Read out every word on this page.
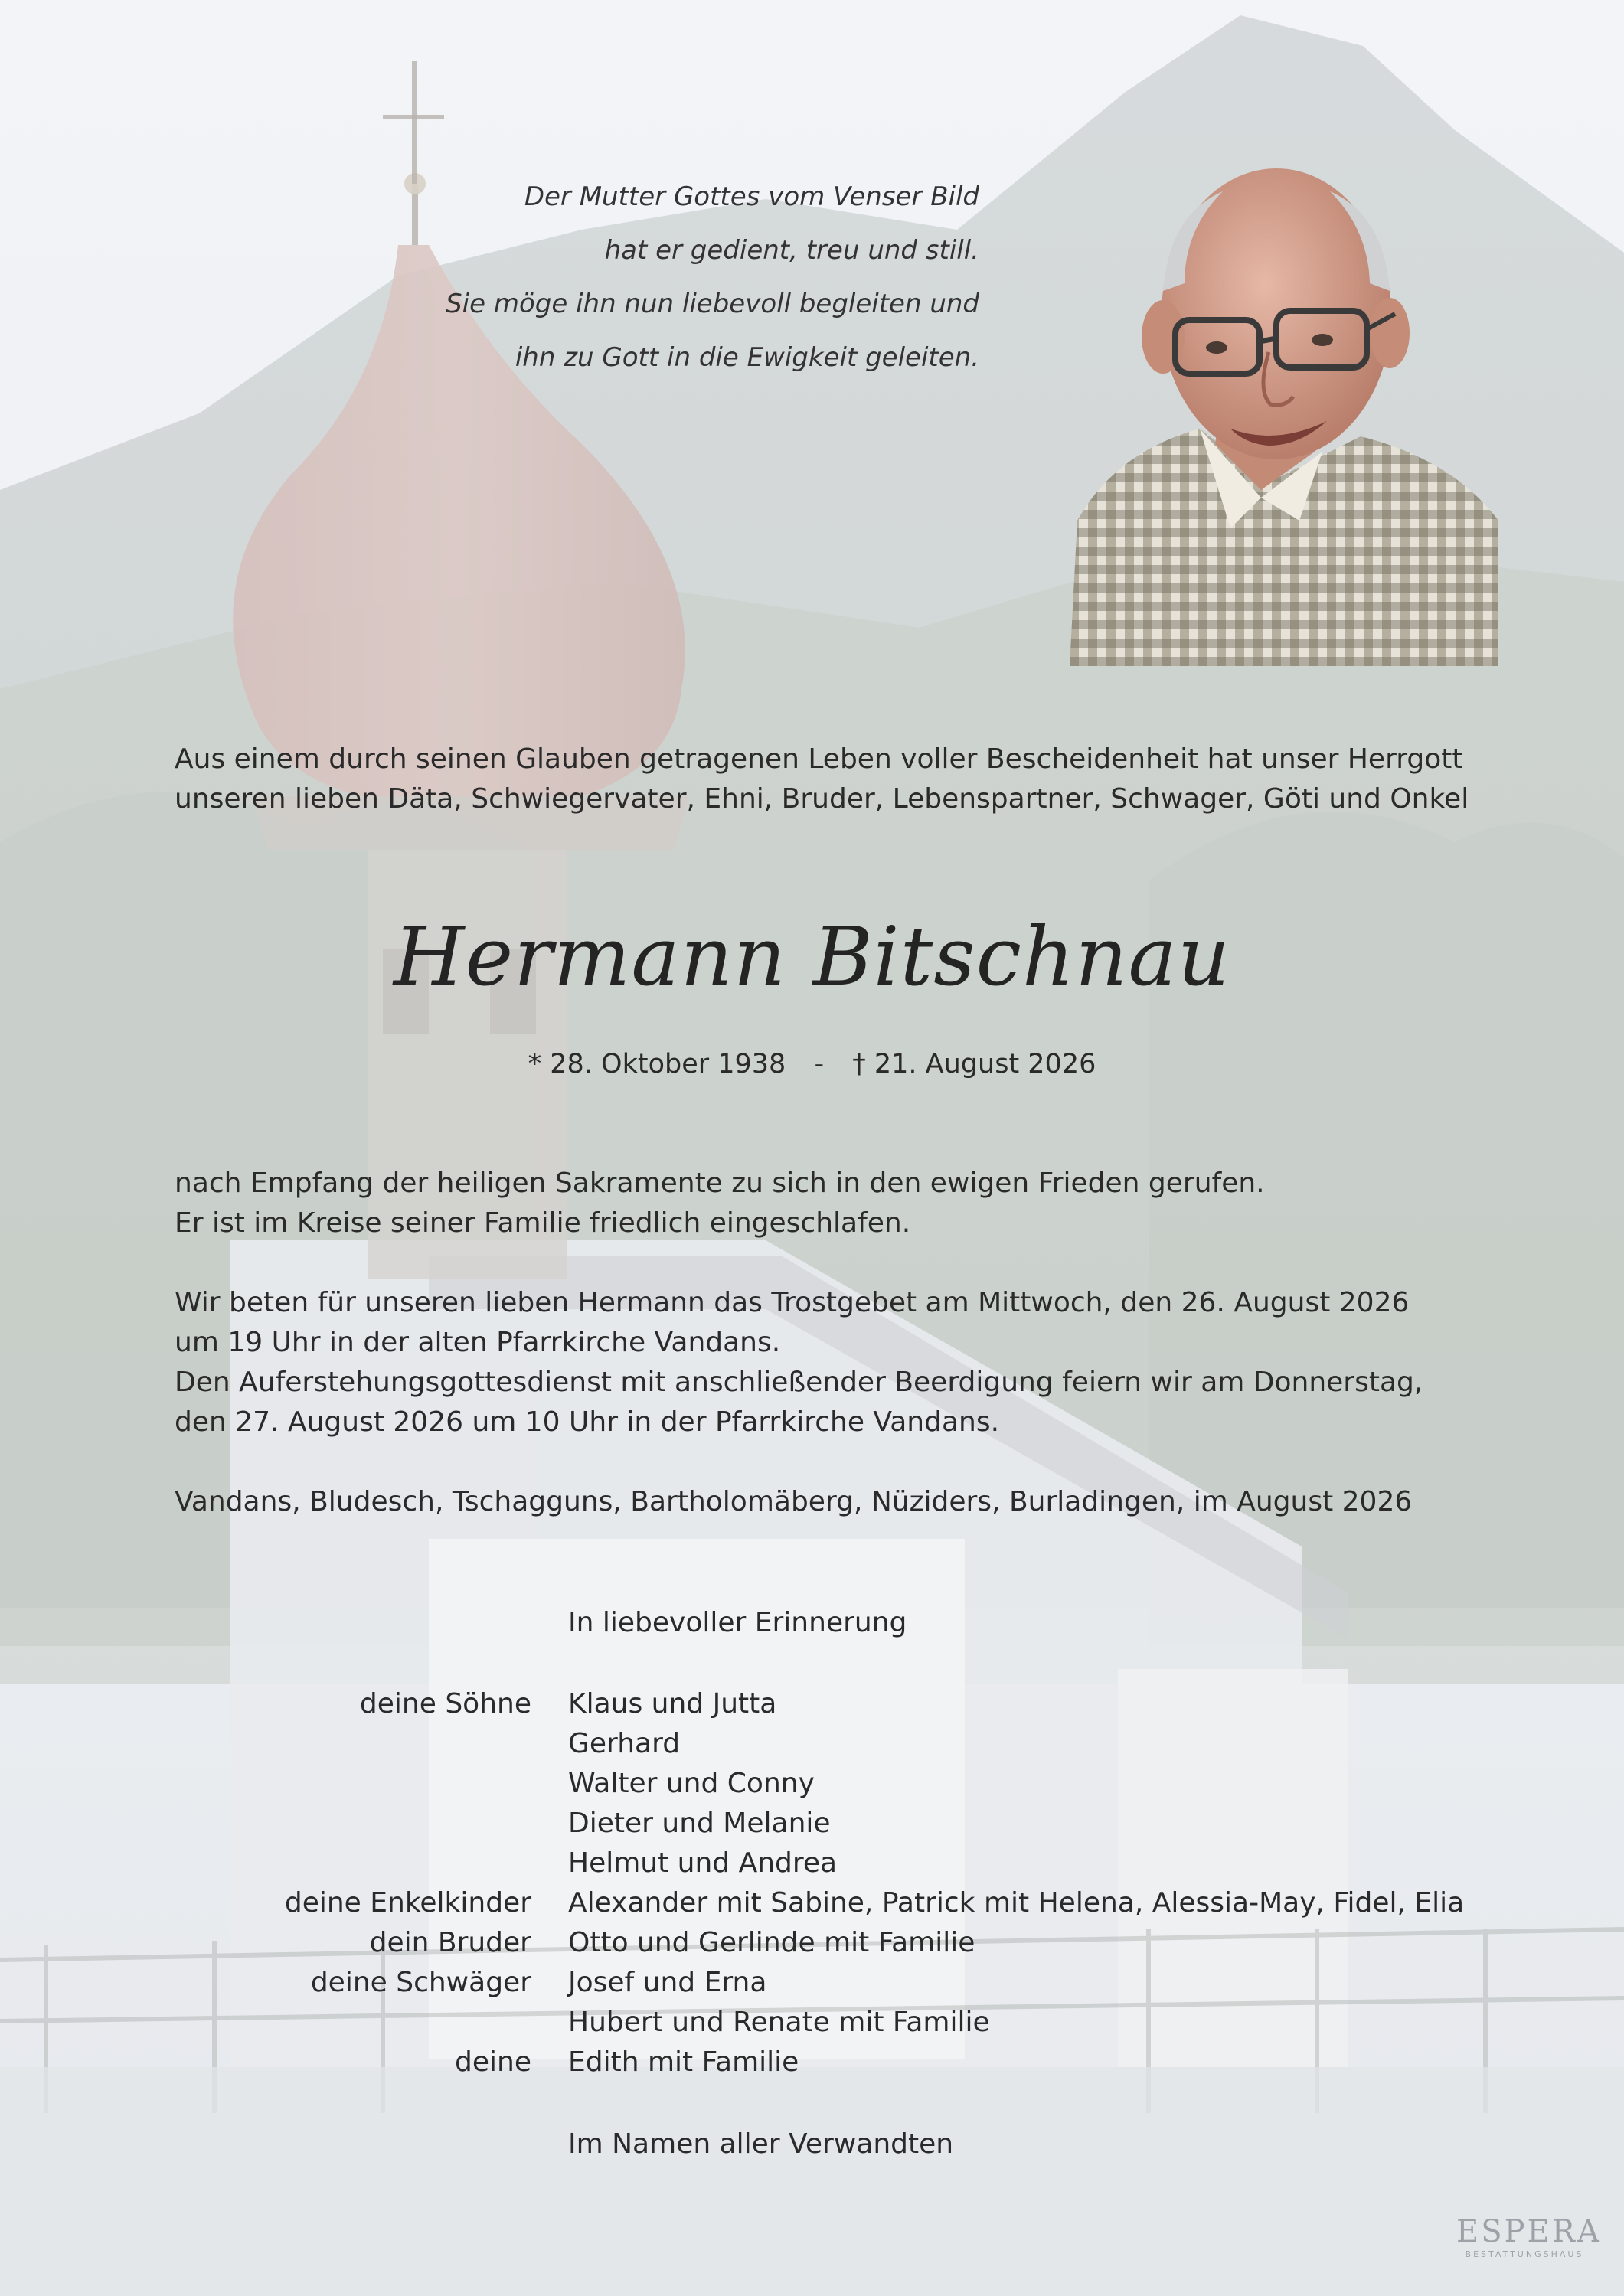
Der Mutter Gottes vom Venser Bild

hat er gedient, treu und still.

Sie möge ihn nun liebevoll begleiten und

ihn zu Gott in die Ewigkeit geleiten.

Aus einem durch seinen Glauben getragenen Leben voller Bescheidenheit hat unser Herrgott

unseren lieben Däta, Schwiegervater, Ehni, Bruder, Lebenspartner, Schwager, Göti und Onkel

Hermann Bitschnau
* 28. Oktober 1938 - † 21. August 2026

nach Empfang der heiligen Sakramente zu sich in den ewigen Frieden gerufen.

Er ist im Kreise seiner Familie friedlich eingeschlafen.

Wir beten für unseren lieben Hermann das Trostgebet am Mittwoch, den 26. August 2026

um 19 Uhr in der alten Pfarrkirche Vandans.

Den Auferstehungsgottesdienst mit anschließender Beerdigung feiern wir am Donnerstag,

den 27. August 2026 um 10 Uhr in der Pfarrkirche Vandans.

Vandans, Bludesch, Tschagguns, Bartholomäberg, Nüziders, Burladingen, im August 2026

In liebevoller Erinnerung
deine Söhne Klaus und Jutta
Gerhard
Walter und Conny
Dieter und Melanie
Helmut und Andrea
deine Enkelkinder Alexander mit Sabine, Patrick mit Helena, Alessia-May, Fidel, Elia
dein Bruder Otto und Gerlinde mit Familie
deine Schwäger Josef und Erna
Hubert und Renate mit Familie
deine Edith mit Familie
Im Namen aller Verwandten
ESPERA
BESTATTUNGSHAUS
